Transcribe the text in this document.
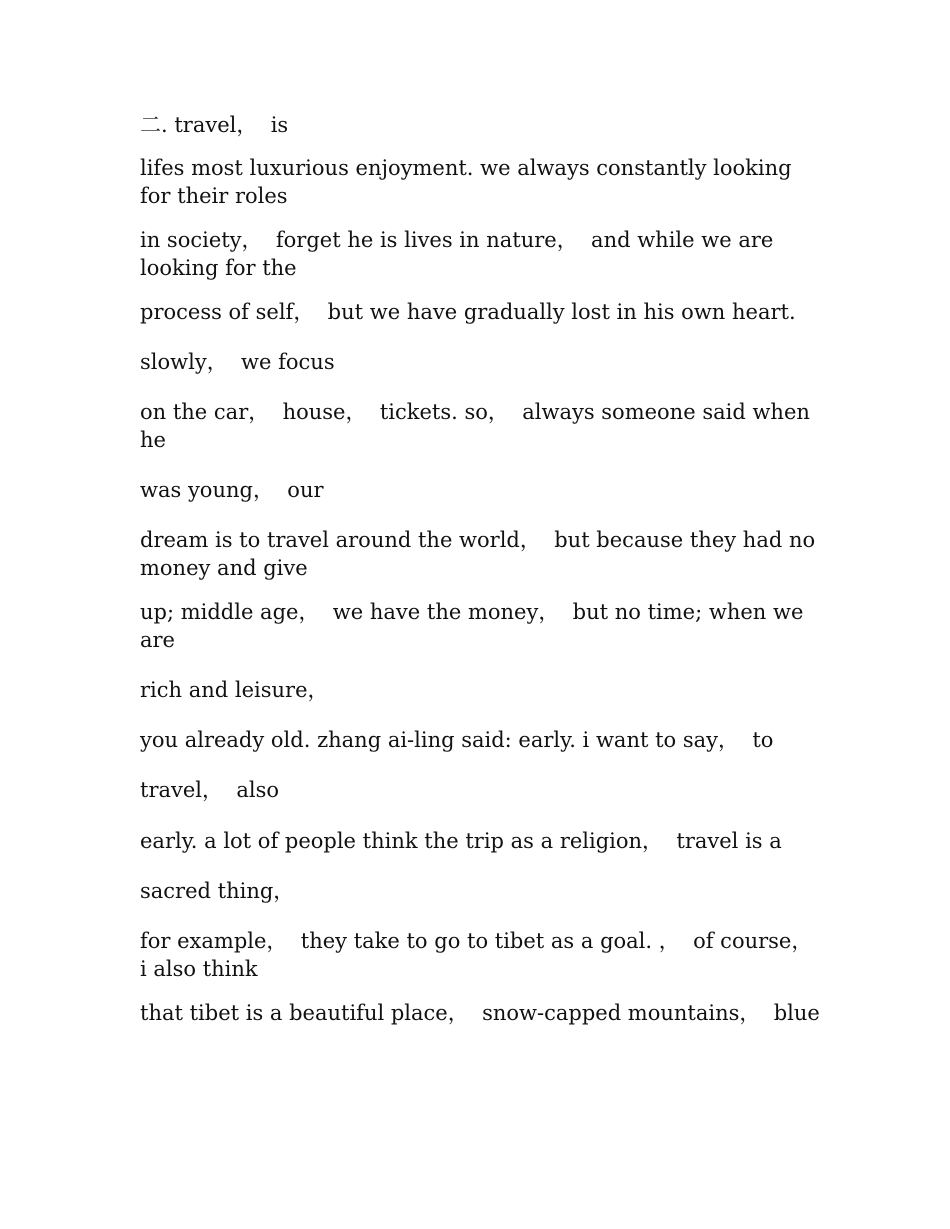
二. travel，  is

lifes most luxurious enjoyment. we always constantly looking for their roles

in society，  forget he is lives in nature，  and while we are looking for the

process of self，  but we have gradually lost in his own heart.

slowly，  we focus

on the car，  house，  tickets. so，  always someone said when he

was young，  our

dream is to travel around the world，  but because they had no money and give

up; middle age，  we have the money，  but no time; when we are

rich and leisure，

you already old. zhang ai-ling said: early. i want to say，  to

travel，  also

early. a lot of people think the trip as a religion，  travel is a

sacred thing，

for example，  they take to go to tibet as a goal. ，  of course，  i also think

that tibet is a beautiful place，  snow-capped mountains，  blue
